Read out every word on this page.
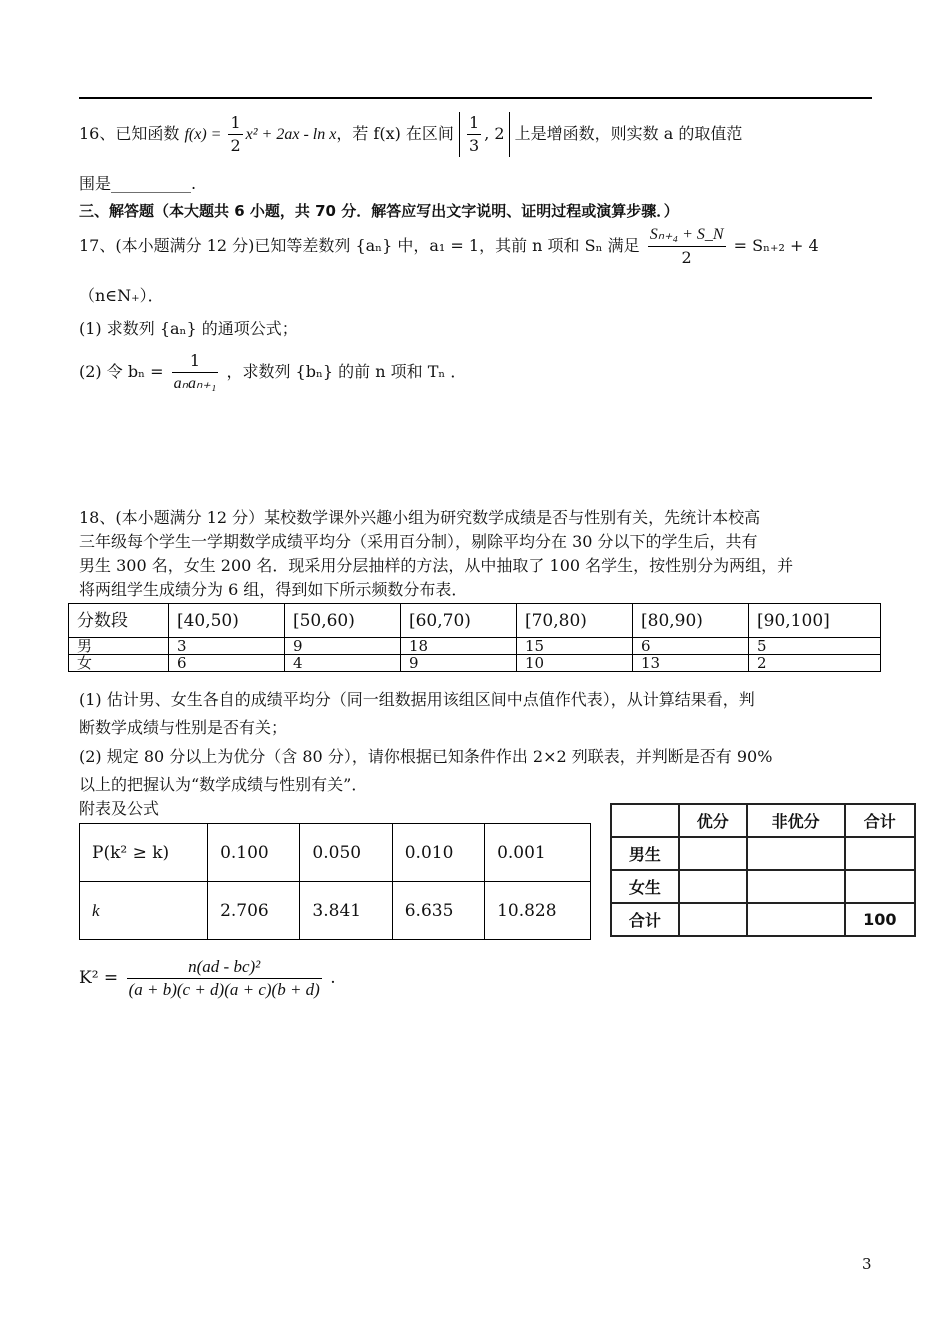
16、已知函数 $f(x) = \frac{1}{2} x^2 + 2ax - \ln x$，若 f(x) 在区间 $\frac{1}{3}$ , 2 上是增函数，则实数 a 的取值范
围是__________.
三、解答题（本大题共 6 小题，共 70 分．解答应写出文字说明、证明过程或演算步骤．）
17、(本小题满分 12 分)已知等差数列 {aₙ} 中，a₁ = 1，其前 n 项和 Sₙ 满足 $\frac{\text{Sₙ₊₄ + S\_N}}{2} = S_{n+2} + 4$
（n∈N₊）．
(1) 求数列 {aₙ} 的通项公式；
(2) 令 $b_n = \frac{1}{\text{aₙaₙ₊₁}}$ ，求数列 {bₙ} 的前 n 项和 Tₙ ．
18、(本小题满分 12 分）某校数学课外兴趣小组为研究数学成绩是否与性别有关，先统计本校高
三年级每个学生一学期数学成绩平均分（采用百分制），剔除平均分在 30 分以下的学生后，共有
男生 300 名，女生 200 名．现采用分层抽样的方法，从中抽取了 100 名学生，按性别分为两组，并
将两组学生成绩分为 6 组，得到如下所示频数分布表．
分数段	[40,50)	[50,60)	[60,70)	[70,80)	[80,90)	[90,100]
男	3	9	18	15	6	5
女	6	4	9	10	13	2
(1) 估计男、女生各自的成绩平均分（同一组数据用该组区间中点值作代表），从计算结果看，判
断数学成绩与性别是否有关；
(2) 规定 80 分以上为优分（含 80 分），请你根据已知条件作出 2×2 列联表，并判断是否有 90%
以上的把握认为“数学成绩与性别有关”．
附表及公式
P(k² ≥ k)	0.100	0.050	0.010	0.001
k	2.706	3.841	6.635	10.828
	优分	非优分	合计
男生			
女生			
合计			100
$K^2 = \frac{\text{n(ad - bc)²}}{(a + b)(c + d)(a + c)(b + d)}$ .
3
